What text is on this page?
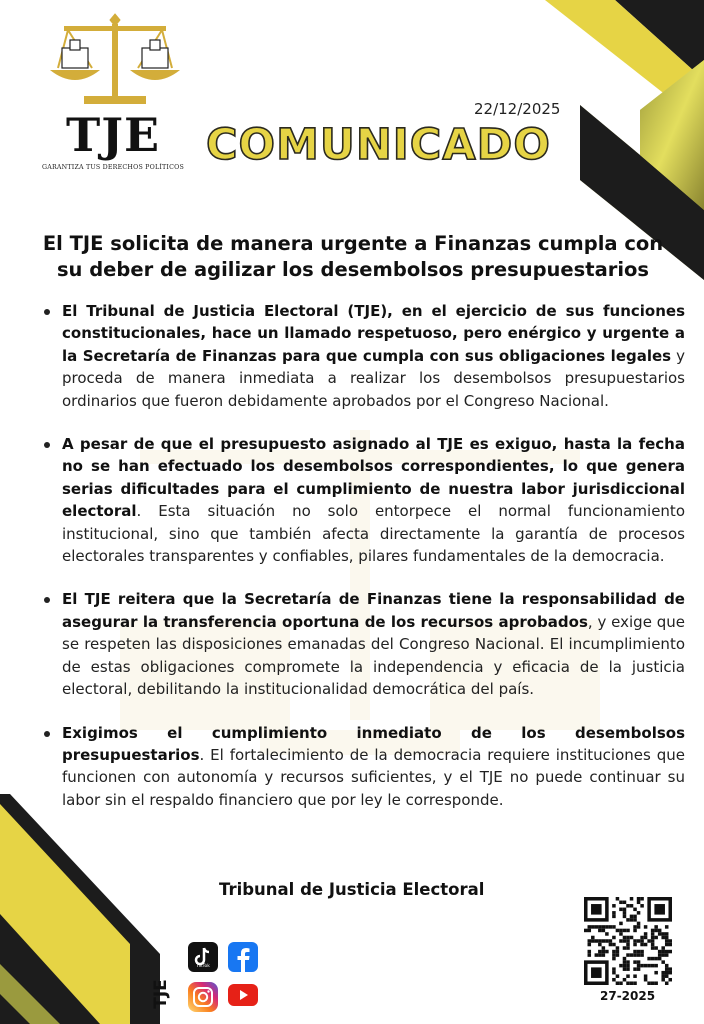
TJE
GARANTIZA TUS DERECHOS POLÍTICOS
22/12/2025
COMUNICADO
El TJE solicita de manera urgente a Finanzas cumpla con
su deber de agilizar los desembolsos presupuestarios
El Tribunal de Justicia Electoral (TJE), en el ejercicio de sus funciones constitucionales, hace un llamado respetuoso, pero enérgico y urgente a la Secretaría de Finanzas para que cumpla con sus obligaciones legales y proceda de manera inmediata a realizar los desembolsos presupuestarios ordinarios que fueron debidamente aprobados por el Congreso Nacional.
A pesar de que el presupuesto asignado al TJE es exiguo, hasta la fecha no se han efectuado los desembolsos correspondientes, lo que genera serias dificultades para el cumplimiento de nuestra labor jurisdiccional electoral. Esta situación no solo entorpece el normal funcionamiento institucional, sino que también afecta directamente la garantía de procesos electorales transparentes y confiables, pilares fundamentales de la democracia.
El TJE reitera que la Secretaría de Finanzas tiene la responsabilidad de asegurar la transferencia oportuna de los recursos aprobados, y exige que se respeten las disposiciones emanadas del Congreso Nacional. El incumplimiento de estas obligaciones compromete la independencia y eficacia de la justicia electoral, debilitando la institucionalidad democrática del país.
Exigimos el cumplimiento inmediato de los desembolsos presupuestarios. El fortalecimiento de la democracia requiere instituciones que funcionen con autonomía y recursos suficientes, y el TJE no puede continuar su labor sin el respaldo financiero que por ley le corresponde.
Tribunal de Justicia Electoral
TJE
TikTok
27-2025
